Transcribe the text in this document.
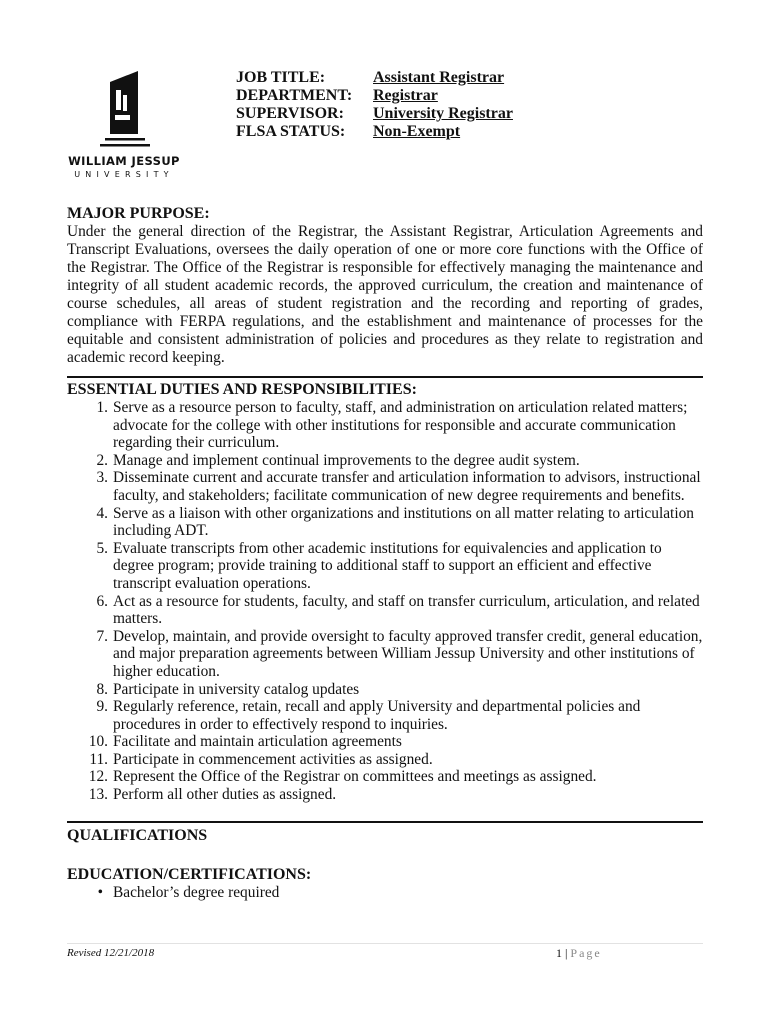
WILLIAM JESSUP
UNIVERSITY
JOB TITLE:	Assistant Registrar
DEPARTMENT:	Registrar
SUPERVISOR:	University Registrar
FLSA STATUS:	Non-Exempt
MAJOR PURPOSE:

Under the general direction of the Registrar, the Assistant Registrar, Articulation Agreements and Transcript Evaluations, oversees the daily operation of one or more core functions with the Office of the Registrar. The Office of the Registrar is responsible for effectively managing the maintenance and integrity of all student academic records, the approved curriculum, the creation and maintenance of course schedules, all areas of student registration and the recording and reporting of grades, compliance with FERPA regulations, and the establishment and maintenance of processes for the equitable and consistent administration of policies and procedures as they relate to registration and academic record keeping.

ESSENTIAL DUTIES AND RESPONSIBILITIES:
1. Serve as a resource person to faculty, staff, and administration on articulation related matters; advocate for the college with other institutions for responsible and accurate communication regarding their curriculum.
2. Manage and implement continual improvements to the degree audit system.
3. Disseminate current and accurate transfer and articulation information to advisors, instructional faculty, and stakeholders; facilitate communication of new degree requirements and benefits.
4. Serve as a liaison with other organizations and institutions on all matter relating to articulation including ADT.
5. Evaluate transcripts from other academic institutions for equivalencies and application to degree program; provide training to additional staff to support an efficient and effective transcript evaluation operations.
6. Act as a resource for students, faculty, and staff on transfer curriculum, articulation, and related matters.
7. Develop, maintain, and provide oversight to faculty approved transfer credit, general education, and major preparation agreements between William Jessup University and other institutions of higher education.
8. Participate in university catalog updates
9. Regularly reference, retain, recall and apply University and departmental policies and procedures in order to effectively respond to inquiries.
10. Facilitate and maintain articulation agreements
11. Participate in commencement activities as assigned.
12. Represent the Office of the Registrar on committees and meetings as assigned.
13. Perform all other duties as assigned.
QUALIFICATIONS
EDUCATION/CERTIFICATIONS:
• Bachelor’s degree required
Revised 12/21/2018	1 | Page
